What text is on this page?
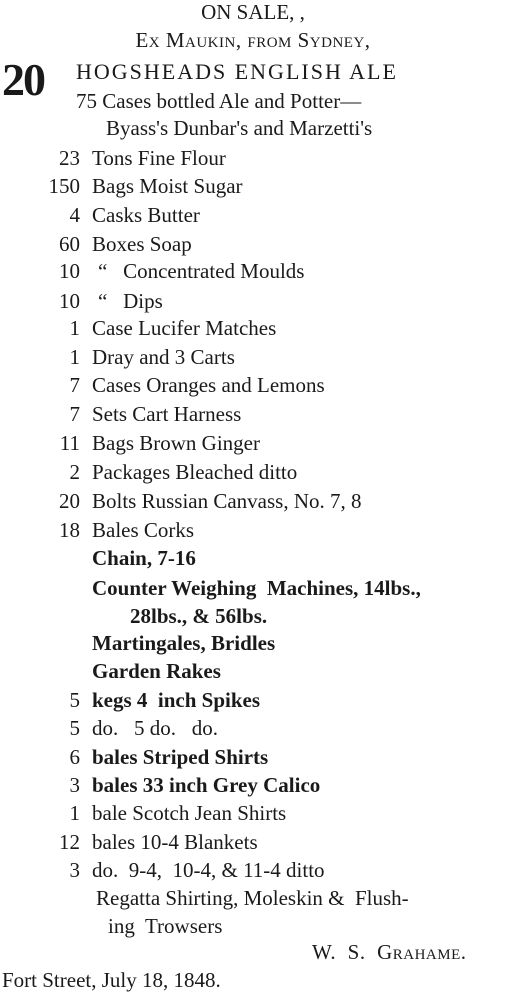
ON SALE, ,
Ex Maukin, from Sydney,
20 HOGSHEADS ENGLISH ALE
75 Cases bottled Ale and Potter—
Byass's Dunbar's and Marzetti's
23 Tons Fine Flour
150 Bags Moist Sugar
4 Casks Butter
60 Boxes Soap
10 “   Concentrated Moulds
10 “   Dips
1 Case Lucifer Matches
1 Dray and 3 Carts
7 Cases Oranges and Lemons
7 Sets Cart Harness
11 Bags Brown Ginger
2 Packages Bleached ditto
20 Bolts Russian Canvass, No. 7, 8
18 Bales Corks
Chain, 7-16
Counter Weighing  Machines, 14lbs.,
28lbs., & 56lbs.
Martingales, Bridles
Garden Rakes
5 kegs 4  inch Spikes
5 do.   5 do.   do.
6 bales Striped Shirts
3 bales 33 inch Grey Calico
1 bale Scotch Jean Shirts
12 bales 10-4 Blankets
3 do.  9-4,  10-4, & 11-4 ditto
Regatta Shirting, Moleskin &  Flush-
ing  Trowsers
W.  S.  Grahame.
Fort Street, July 18, 1848.
